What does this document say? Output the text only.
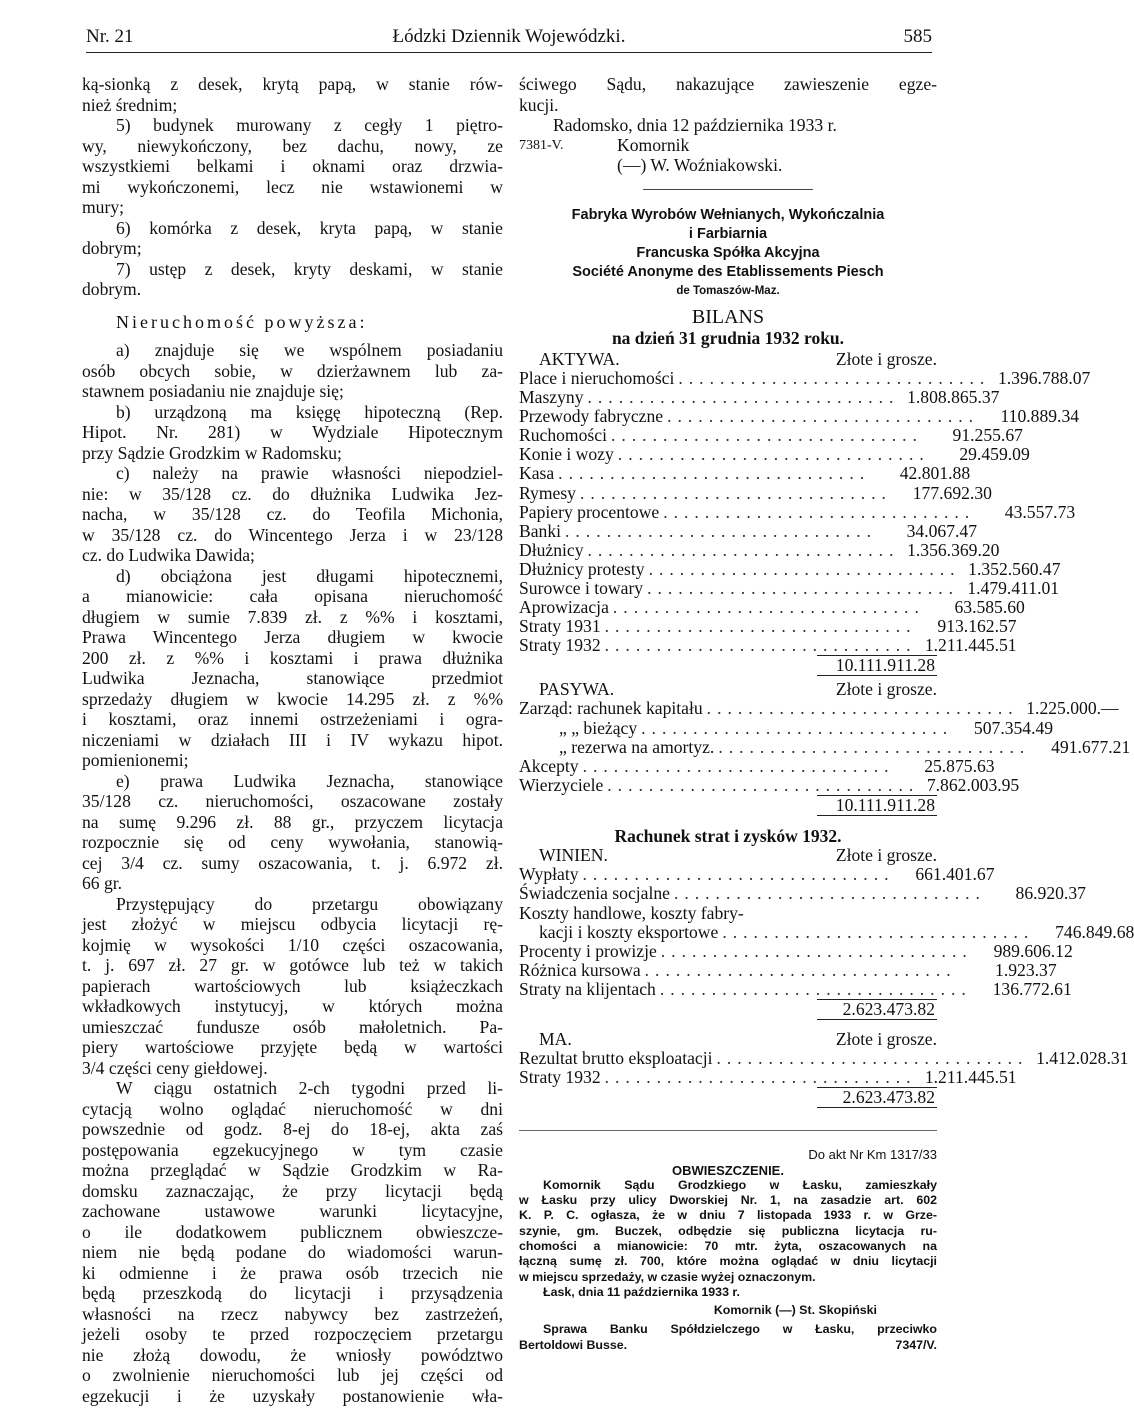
Nr. 21	Łódzki Dziennik Wojewódzki.	585

ką-sionką z desek, krytą papą, w stanie rów-

nież średnim;

5) budynek murowany z cegły 1 piętro-

wy, niewykończony, bez dachu, nowy, ze

wszystkiemi belkami i oknami oraz drzwia-

mi wykończonemi, lecz nie wstawionemi w

mury;

6) komórka z desek, kryta papą, w stanie

dobrym;

7) ustęp z desek, kryty deskami, w stanie

dobrym.

Nieruchomość powyższa:

a) znajduje się we wspólnem posiadaniu

osób obcych sobie, w dzierżawnem lub za-

stawnem posiadaniu nie znajduje się;

b) urządzoną ma księgę hipoteczną (Rep.

Hipot. Nr. 281) w Wydziale Hipotecznym

przy Sądzie Grodzkim w Radomsku;

c) należy na prawie własności niepodziel-

nie: w 35/128 cz. do dłużnika Ludwika Jez-

nacha, w 35/128 cz. do Teofila Michonia,

w 35/128 cz. do Wincentego Jerza i w 23/128

cz. do Ludwika Dawida;

d) obciążona jest długami hipotecznemi,

a mianowicie: cała opisana nieruchomość

długiem w sumie 7.839 zł. z %% i kosztami,

Prawa Wincentego Jerza długiem w kwocie

200 zł. z %% i kosztami i prawa dłużnika

Ludwika Jeznacha, stanowiące przedmiot

sprzedaży długiem w kwocie 14.295 zł. z %%

i kosztami, oraz innemi ostrzeżeniami i ogra-

niczeniami w działach III i IV wykazu hipot.

pomienionemi;

e) prawa Ludwika Jeznacha, stanowiące

35/128 cz. nieruchomości, oszacowane zostały

na sumę 9.296 zł. 88 gr., przyczem licytacja

rozpocznie się od ceny wywołania, stanowią-

cej 3/4 cz. sumy oszacowania, t. j. 6.972 zł.

66 gr.

Przystępujący do przetargu obowiązany

jest złożyć w miejscu odbycia licytacji rę-

kojmię w wysokości 1/10 części oszacowania,

t. j. 697 zł. 27 gr. w gotówce lub też w takich

papierach wartościowych lub książeczkach

wkładkowych instytucyj, w których można

umieszczać fundusze osób małoletnich. Pa-

piery wartościowe przyjęte będą w wartości

3/4 części ceny giełdowej.

W ciągu ostatnich 2-ch tygodni przed li-

cytacją wolno oglądać nieruchomość w dni

powszednie od godz. 8-ej do 18-ej, akta zaś

postępowania egzekucyjnego w tym czasie

można przeglądać w Sądzie Grodzkim w Ra-

domsku zaznaczając, że przy licytacji będą

zachowane ustawowe warunki licytacyjne,

o ile dodatkowem publicznem obwieszcze-

niem nie będą podane do wiadomości warun-

ki odmienne i że prawa osób trzecich nie

będą przeszkodą do licytacji i przysądzenia

własności na rzecz nabywcy bez zastrzeżeń,

jeżeli osoby te przed rozpoczęciem przetargu

nie złożą dowodu, że wniosły powództwo

o zwolnienie nieruchomości lub jej części od

egzekucji i że uzyskały postanowienie wła-

ściwego Sądu, nakazujące zawieszenie egze-

kucji.

Radomsko, dnia 12 października 1933 r.

7381-V.	Komornik

(—) W. Woźniakowski.

Fabryka Wyrobów Wełnianych, Wykończalnia
i Farbiarnia
Francuska Spółka Akcyjna
Société Anonyme des Etablissements Piesch
de Tomaszów-Maz.

BILANS

na dzień 31 grudnia 1932 roku.

AKTYWA.	Złote i grosze.
Place i nieruchomości .............................. 1.396.788.07
Maszyny .............................. 1.808.865.37
Przewody fabryczne ..............................	110.889.34
Ruchomości ..............................	91.255.67
Konie i wozy ..............................	29.459.09
Kasa ..............................	42.801.88
Rymesy ..............................	177.692.30
Papiery procentowe ..............................	43.557.73
Banki ..............................	34.067.47
Dłużnicy .............................. 1.356.369.20
Dłużnicy protesty .............................. 1.352.560.47
Surowce i towary .............................. 1.479.411.01
Aprowizacja ..............................	63.585.60
Straty 1931 ..............................	913.162.57
Straty 1932 .............................. 1.211.445.51
10.111.911.28
PASYWA.	Złote i grosze.
Zarząd: rachunek kapitału .............................. 1.225.000.—
„ „ bieżący ..............................	507.354.49
„ rezerwa na amortyz. ..............................	491.677.21
Akcepty ..............................	25.875.63
Wierzyciele .............................. 7.862.003.95
10.111.911.28

Rachunek strat i zysków 1932.

WINIEN.	Złote i grosze.
Wypłaty ..............................	661.401.67
Świadczenia socjalne ..............................	86.920.37
Koszty handlowe, koszty fabry-
kacji i koszty eksportowe ..............................	746.849.68
Procenty i prowizje ..............................	989.606.12
Różnica kursowa ..............................	1.923.37
Straty na klijentach ..............................	136.772.61
2.623.473.82
MA.	Złote i grosze.
Rezultat brutto eksploatacji .............................. 1.412.028.31
Straty 1932 .............................. 1.211.445.51
2.623.473.82
Do akt Nr Km 1317/33
OBWIESZCZENIE.
Komornik Sądu Grodzkiego w Łasku, zamieszkały
w Łasku przy ulicy Dworskiej Nr. 1, na zasadzie art. 602
K. P. C. ogłasza, że w dniu 7 listopada 1933 r. w Grze-
szynie, gm. Buczek, odbędzie się publiczna licytacja ru-
chomości a mianowicie: 70 mtr. żyta, oszacowanych na
łączną sumę zł. 700, które można oglądać w dniu licytacji
w miejscu sprzedaży, w czasie wyżej oznaczonym.
Łask, dnia 11 października 1933 r.
Komornik (—) St. Skopiński
Sprawa Banku Spółdzielczego w Łasku, przeciwko
Bertoldowi Busse.	7347/V.
